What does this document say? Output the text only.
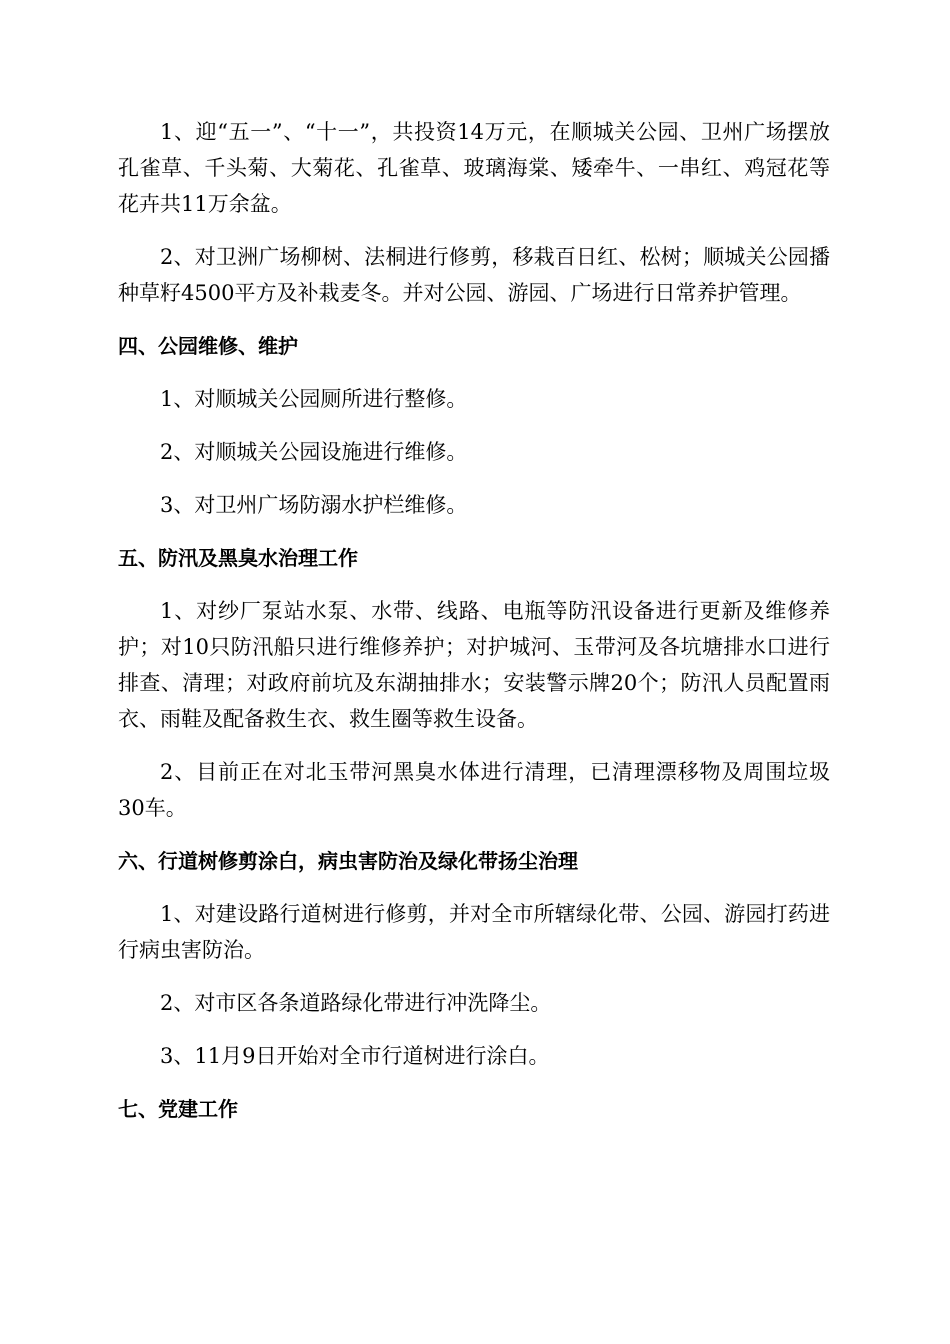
1、迎“五一”、“十一”，共投资14万元，在顺城关公园、卫州广场摆放孔雀草、千头菊、大菊花、孔雀草、玻璃海棠、矮牵牛、一串红、鸡冠花等花卉共11万余盆。

2、对卫洲广场柳树、法桐进行修剪，移栽百日红、松树；顺城关公园播种草籽4500平方及补栽麦冬。并对公园、游园、广场进行日常养护管理。

四、公园维修、维护

1、对顺城关公园厕所进行整修。

2、对顺城关公园设施进行维修。

3、对卫州广场防溺水护栏维修。

五、防汛及黑臭水治理工作

1、对纱厂泵站水泵、水带、线路、电瓶等防汛设备进行更新及维修养护；对10只防汛船只进行维修养护；对护城河、玉带河及各坑塘排水口进行排查、清理；对政府前坑及东湖抽排水；安装警示牌20个；防汛人员配置雨衣、雨鞋及配备救生衣、救生圈等救生设备。

2、目前正在对北玉带河黑臭水体进行清理，已清理漂移物及周围垃圾30车。

六、行道树修剪涂白，病虫害防治及绿化带扬尘治理

1、对建设路行道树进行修剪，并对全市所辖绿化带、公园、游园打药进行病虫害防治。

2、对市区各条道路绿化带进行冲洗降尘。

3、11月9日开始对全市行道树进行涂白。

七、党建工作
